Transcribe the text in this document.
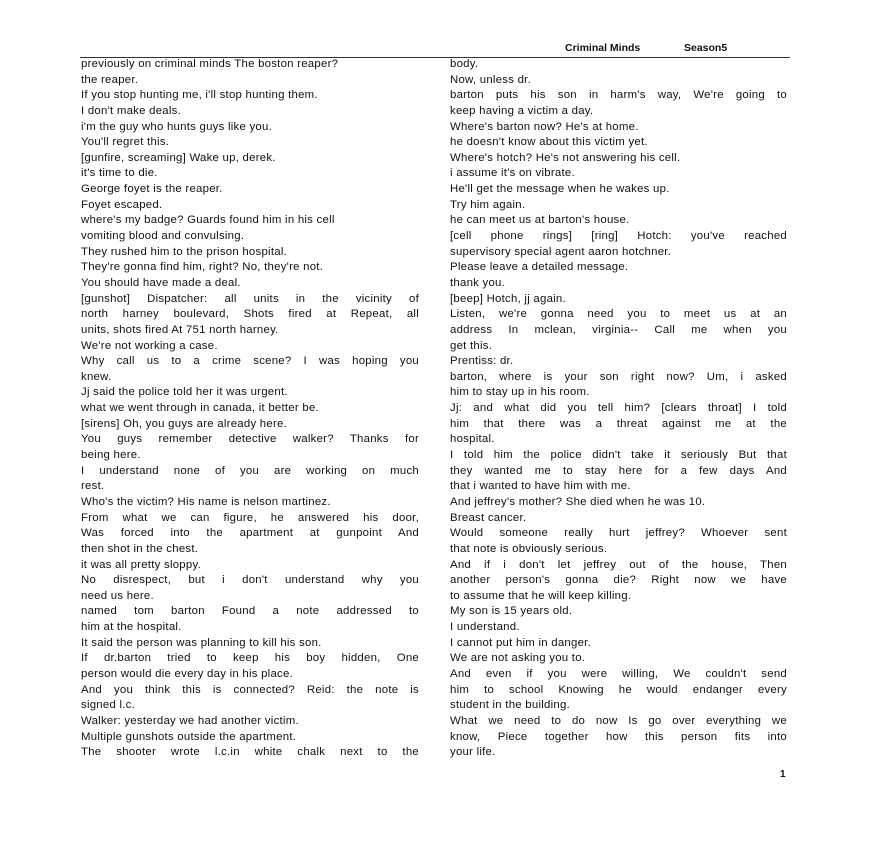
Criminal Minds	Season5
previously on criminal minds The boston reaper?
the reaper.
If you stop hunting me, i'll stop hunting them.
I don't make deals.
i'm the guy who hunts guys like you.
You'll regret this.
[gunfire, screaming] Wake up, derek.
it's time to die.
George foyet is the reaper.
Foyet escaped.
where's my badge? Guards found him in his cell
vomiting blood and convulsing.
They rushed him to the prison hospital.
They're gonna find him, right? No, they're not.
You should have made a deal.
[gunshot] Dispatcher: all units in the vicinity of
north harney boulevard, Shots fired at Repeat, all
units, shots fired At 751 north harney.
We're not working a case.
Why call us to a crime scene? I was hoping you
knew.
Jj said the police told her it was urgent.
what we went through in canada, it better be.
[sirens] Oh, you guys are already here.
You guys remember detective walker? Thanks for
being here.
I understand none of you are working on much
rest.
Who's the victim? His name is nelson martinez.
From what we can figure, he answered his door,
Was forced into the apartment at gunpoint And
then shot in the chest.
it was all pretty sloppy.
No disrespect, but i don't understand why you
need us here.
named tom barton Found a note addressed to
him at the hospital.
It said the person was planning to kill his son.
If dr.barton tried to keep his boy hidden, One
person would die every day in his place.
And you think this is connected? Reid: the note is
signed l.c.
Walker: yesterday we had another victim.
Multiple gunshots outside the apartment.
The shooter wrote l.c.in white chalk next to the
body.
Now, unless dr.
barton puts his son in harm's way, We're going to
keep having a victim a day.
Where's barton now? He's at home.
he doesn't know about this victim yet.
Where's hotch? He's not answering his cell.
i assume it's on vibrate.
He'll get the message when he wakes up.
Try him again.
he can meet us at barton's house.
[cell phone rings] [ring] Hotch: you've reached
supervisory special agent aaron hotchner.
Please leave a detailed message.
thank you.
[beep] Hotch, jj again.
Listen, we're gonna need you to meet us at an
address In mclean, virginia-- Call me when you
get this.
Prentiss: dr.
barton, where is your son right now? Um, i asked
him to stay up in his room.
Jj: and what did you tell him? [clears throat] I told
him that there was a threat against me at the
hospital.
I told him the police didn't take it seriously But that
they wanted me to stay here for a few days And
that i wanted to have him with me.
And jeffrey's mother? She died when he was 10.
Breast cancer.
Would someone really hurt jeffrey? Whoever sent
that note is obviously serious.
And if i don't let jeffrey out of the house, Then
another person's gonna die? Right now we have
to assume that he will keep killing.
My son is 15 years old.
I understand.
I cannot put him in danger.
We are not asking you to.
And even if you were willing, We couldn't send
him to school Knowing he would endanger every
student in the building.
What we need to do now Is go over everything we
know, Piece together how this person fits into
your life.
1
